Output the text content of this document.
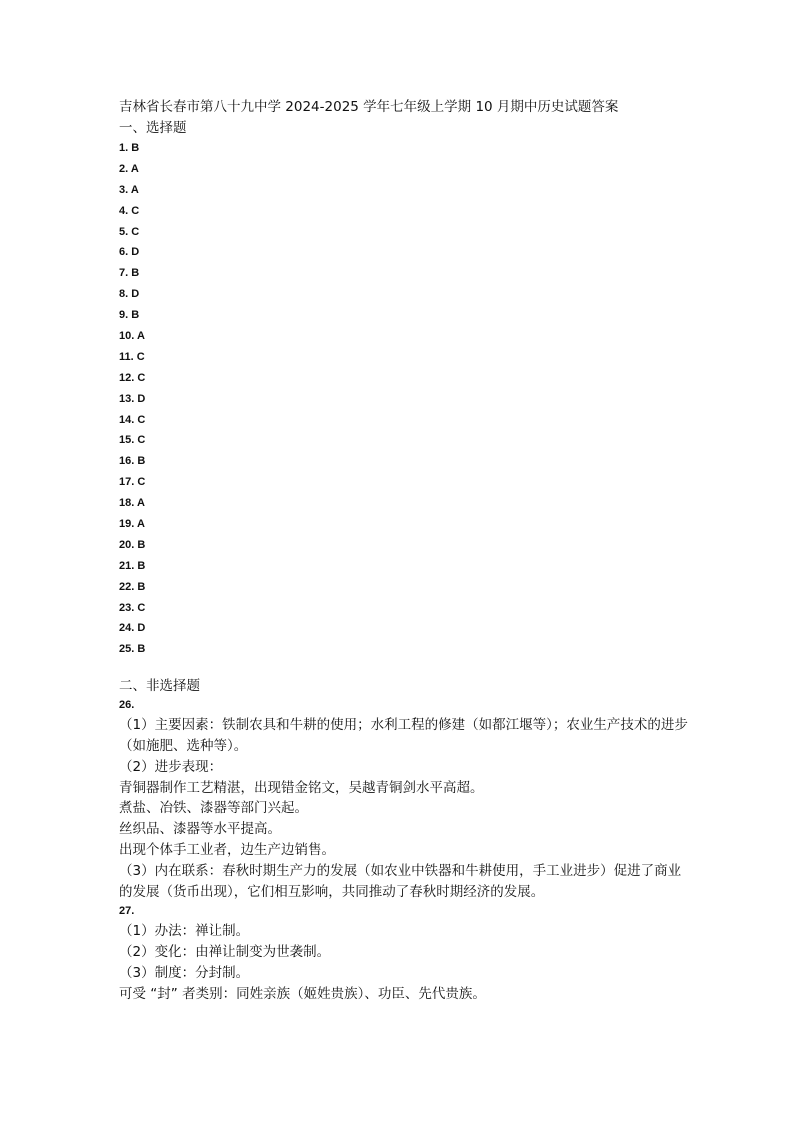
吉林省长春市第八十九中学 2024-2025 学年七年级上学期 10 月期中历史试题答案
一、选择题
1 . B
2 . A
3 . A
4 . C
5 . C
6 . D
7 . B
8 . D
9 . B
10 . A
11 . C
12 . C
13 . D
14 . C
15 . C
16 . B
17 . C
18 . A
19 . A
20 . B
21 . B
22 . B
23 . C
24 . D
25 . B
二、非选择题
26.
（1）主要因素：铁制农具和牛耕的使用；水利工程的修建（如都江堰等）；农业生产技术的进步（如施肥、选种等）。
（2）进步表现：
青铜器制作工艺精湛，出现错金铭文，吴越青铜剑水平高超。
煮盐、冶铁、漆器等部门兴起。
丝织品、漆器等水平提高。
出现个体手工业者，边生产边销售。
（3）内在联系：春秋时期生产力的发展（如农业中铁器和牛耕使用，手工业进步）促进了商业的发展（货币出现），它们相互影响，共同推动了春秋时期经济的发展。
27.
（1）办法：禅让制。
（2）变化：由禅让制变为世袭制。
（3）制度：分封制。
可受 “封” 者类别：同姓亲族（姬姓贵族）、功臣、先代贵族。
